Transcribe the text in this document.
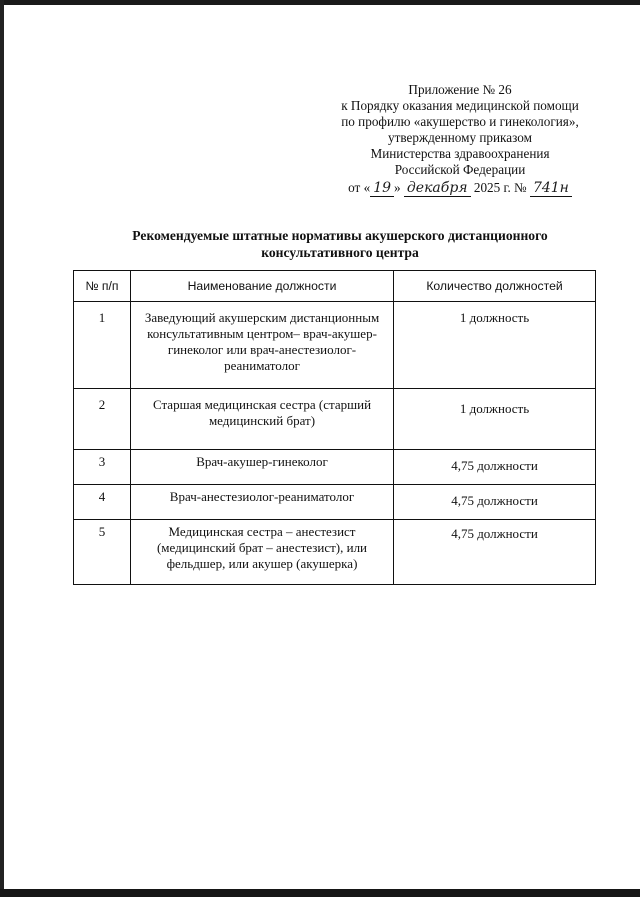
Приложение № 26
к Порядку оказания медицинской помощи
по профилю «акушерство и гинекология»,
утвержденному приказом
Министерства здравоохранения
Российской Федерации
от « 19 » декабря 2025 г. № 741н
Рекомендуемые штатные нормативы акушерского дистанционного
консультативного центра
№ п/п	Наименование должности	Количество должностей
1	Заведующий акушерским дистанционным консультативным центром– врач-акушер-гинеколог или врач-анестезиолог-реаниматолог	1 должность
2	Старшая медицинская сестра (старший медицинский брат)	1 должность
3	Врач-акушер-гинеколог	4,75 должности
4	Врач-анестезиолог-реаниматолог	4,75 должности
5	Медицинская сестра – анестезист (медицинский брат – анестезист), или фельдшер, или акушер (акушерка)	4,75 должности
